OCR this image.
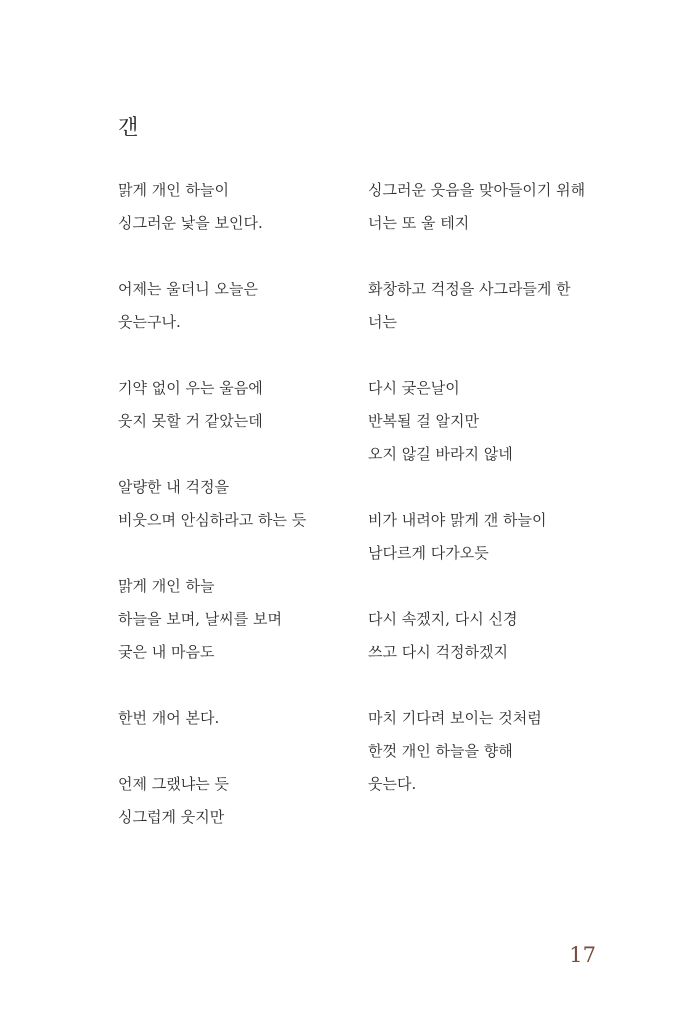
갠
맑게 개인 하늘이
싱그러운 낯을 보인다.
어제는 울더니 오늘은
웃는구나.
기약 없이 우는 울음에
웃지 못할 거 같았는데
알량한 내 걱정을
비웃으며 안심하라고 하는 듯
맑게 개인 하늘
하늘을 보며, 날씨를 보며
궂은 내 마음도
한번 개어 본다.
언제 그랬냐는 듯
싱그럽게 웃지만
싱그러운 웃음을 맞아들이기 위해
너는 또 울 테지
화창하고 걱정을 사그라들게 한
너는
다시 궂은날이
반복될 걸 알지만
오지 않길 바라지 않네
비가 내려야 맑게 갠 하늘이
남다르게 다가오듯
다시 속겠지, 다시 신경
쓰고 다시 걱정하겠지
마치 기다려 보이는 것처럼
한껏 개인 하늘을 향해
웃는다.
17
